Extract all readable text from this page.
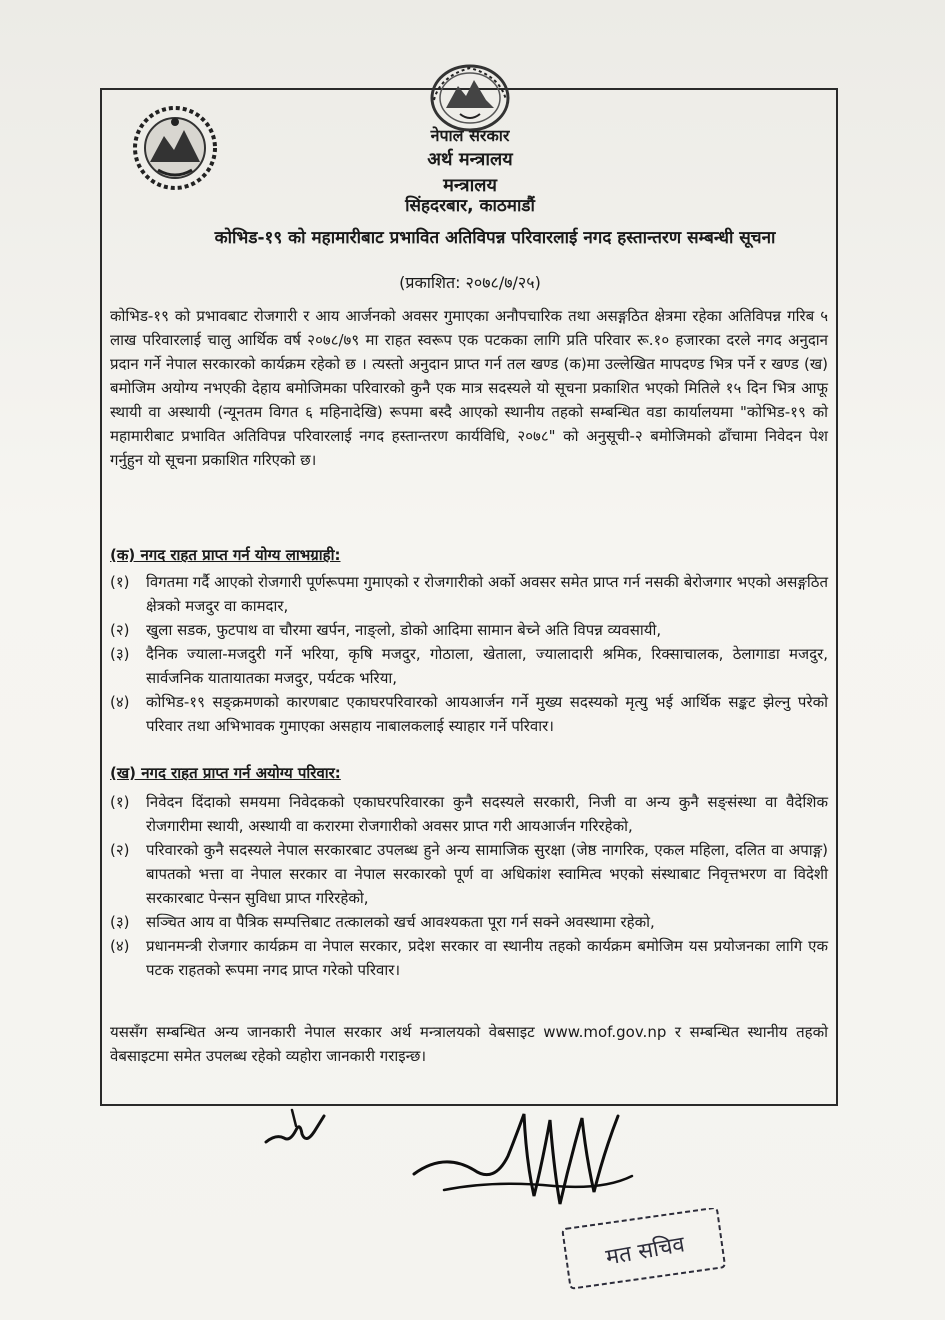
नेपाल सरकार
अर्थ मन्त्रालय
मन्त्रालय
सिंहदरबार, काठमाडौं
कोभिड-१९ को महामारीबाट प्रभावित अतिविपन्न परिवारलाई नगद हस्तान्तरण सम्बन्धी सूचना
(प्रकाशित: २०७८/७/२५)
कोभिड-१९ को प्रभावबाट रोजगारी र आय आर्जनको अवसर गुमाएका अनौपचारिक तथा असङ्गठित क्षेत्रमा रहेका अतिविपन्न गरिब ५ लाख परिवारलाई चालु आर्थिक वर्ष २०७८/७९ मा राहत स्वरूप एक पटकका लागि प्रति परिवार रू.१० हजारका दरले नगद अनुदान प्रदान गर्ने नेपाल सरकारको कार्यक्रम रहेको छ । त्यस्तो अनुदान प्राप्त गर्न तल खण्ड (क)मा उल्लेखित मापदण्ड भित्र पर्ने र खण्ड (ख) बमोजिम अयोग्य नभएकी देहाय बमोजिमका परिवारको कुनै एक मात्र सदस्यले यो सूचना प्रकाशित भएको मितिले १५ दिन भित्र आफू स्थायी वा अस्थायी (न्यूनतम विगत ६ महिनादेखि) रूपमा बस्दै आएको स्थानीय तहको सम्बन्धित वडा कार्यालयमा "कोभिड-१९ को महामारीबाट प्रभावित अतिविपन्न परिवारलाई नगद हस्तान्तरण कार्यविधि, २०७८" को अनुसूची-२ बमोजिमको ढाँचामा निवेदन पेश गर्नुहुन यो सूचना प्रकाशित गरिएको छ।
(क) नगद राहत प्राप्त गर्न योग्य लाभग्राही:
(१)	विगतमा गर्दै आएको रोजगारी पूर्णरूपमा गुमाएको र रोजगारीको अर्को अवसर समेत प्राप्त गर्न नसकी बेरोजगार भएको असङ्गठित क्षेत्रको मजदुर वा कामदार,
(२)	खुला सडक, फुटपाथ वा चौरमा खर्पन, नाङ्लो, डोको आदिमा सामान बेच्ने अति विपन्न व्यवसायी,
(३)	दैनिक ज्याला-मजदुरी गर्ने भरिया, कृषि मजदुर, गोठाला, खेताला, ज्यालादारी श्रमिक, रिक्साचालक, ठेलागाडा मजदुर, सार्वजनिक यातायातका मजदुर, पर्यटक भरिया,
(४)	कोभिड-१९ सङ्क्रमणको कारणबाट एकाघरपरिवारको आयआर्जन गर्ने मुख्य सदस्यको मृत्यु भई आर्थिक सङ्कट झेल्नु परेको परिवार तथा अभिभावक गुमाएका असहाय नाबालकलाई स्याहार गर्ने परिवार।
(ख) नगद राहत प्राप्त गर्न अयोग्य परिवार:
(१)	निवेदन दिंदाको समयमा निवेदकको एकाघरपरिवारका कुनै सदस्यले सरकारी, निजी वा अन्य कुनै सङ्संस्था वा वैदेशिक रोजगारीमा स्थायी, अस्थायी वा करारमा रोजगारीको अवसर प्राप्त गरी आयआर्जन गरिरहेको,
(२)	परिवारको कुनै सदस्यले नेपाल सरकारबाट उपलब्ध हुने अन्य सामाजिक सुरक्षा (जेष्ठ नागरिक, एकल महिला, दलित वा अपाङ्ग) बापतको भत्ता वा नेपाल सरकार वा नेपाल सरकारको पूर्ण वा अधिकांश स्वामित्व भएको संस्थाबाट निवृत्तभरण वा विदेशी सरकारबाट पेन्सन सुविधा प्राप्त गरिरहेको,
(३)	सञ्चित आय वा पैत्रिक सम्पत्तिबाट तत्कालको खर्च आवश्यकता पूरा गर्न सक्ने अवस्थामा रहेको,
(४)	प्रधानमन्त्री रोजगार कार्यक्रम वा नेपाल सरकार, प्रदेश सरकार वा स्थानीय तहको कार्यक्रम बमोजिम यस प्रयोजनका लागि एक पटक राहतको रूपमा नगद प्राप्त गरेको परिवार।
यससँग सम्बन्धित अन्य जानकारी नेपाल सरकार अर्थ मन्त्रालयको वेबसाइट www.mof.gov.np र सम्बन्धित स्थानीय तहको वेबसाइटमा समेत उपलब्ध रहेको व्यहोरा जानकारी गराइन्छ।
मत सचिव
